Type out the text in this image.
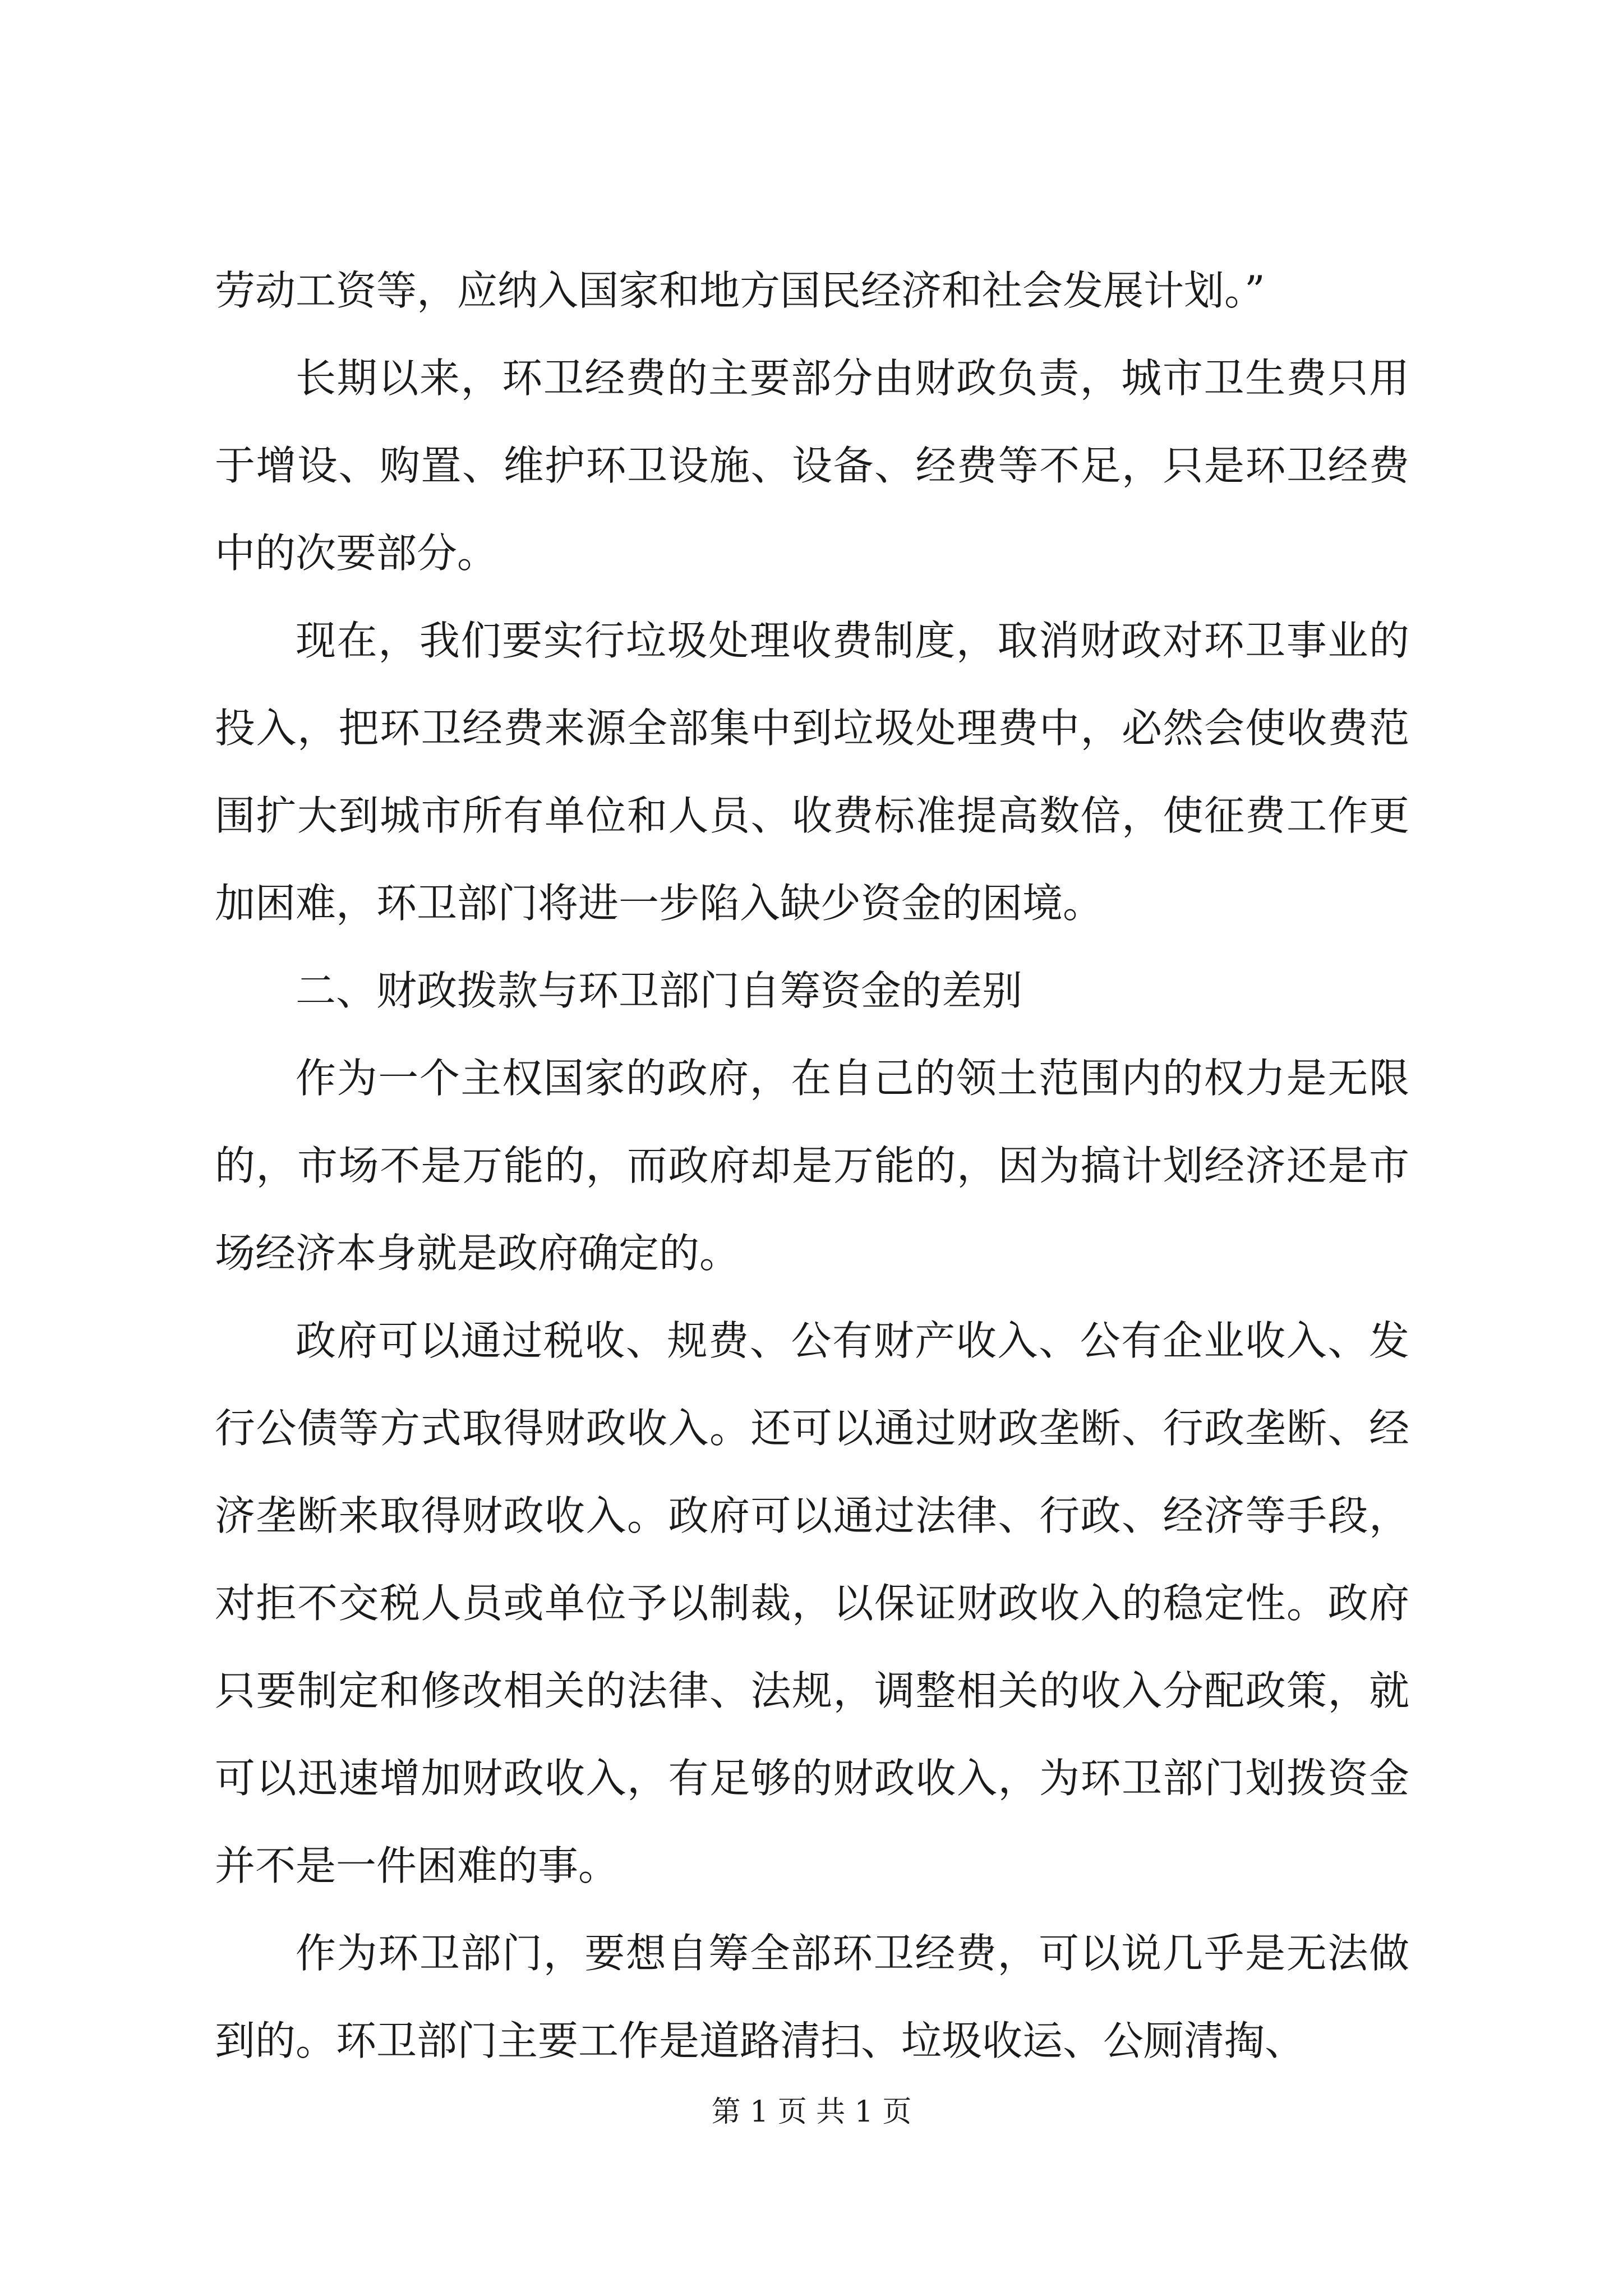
劳动工资等，应纳入国家和地方国民经济和社会发展计划。”

长期以来，环卫经费的主要部分由财政负责，城市卫生费只用于增设、购置、维护环卫设施、设备、经费等不足，只是环卫经费中的次要部分。

现在，我们要实行垃圾处理收费制度，取消财政对环卫事业的投入，把环卫经费来源全部集中到垃圾处理费中，必然会使收费范围扩大到城市所有单位和人员、收费标准提高数倍，使征费工作更加困难，环卫部门将进一步陷入缺少资金的困境。

二、财政拨款与环卫部门自筹资金的差别

作为一个主权国家的政府，在自己的领土范围内的权力是无限的，市场不是万能的，而政府却是万能的，因为搞计划经济还是市场经济本身就是政府确定的。

政府可以通过税收、规费、公有财产收入、公有企业收入、发行公债等方式取得财政收入。还可以通过财政垄断、行政垄断、经济垄断来取得财政收入。政府可以通过法律、行政、经济等手段，对拒不交税人员或单位予以制裁，以保证财政收入的稳定性。政府只要制定和修改相关的法律、法规，调整相关的收入分配政策，就可以迅速增加财政收入，有足够的财政收入，为环卫部门划拨资金并不是一件困难的事。

作为环卫部门，要想自筹全部环卫经费，可以说几乎是无法做到的。环卫部门主要工作是道路清扫、垃圾收运、公厕清掏、

第 1 页 共 1 页
